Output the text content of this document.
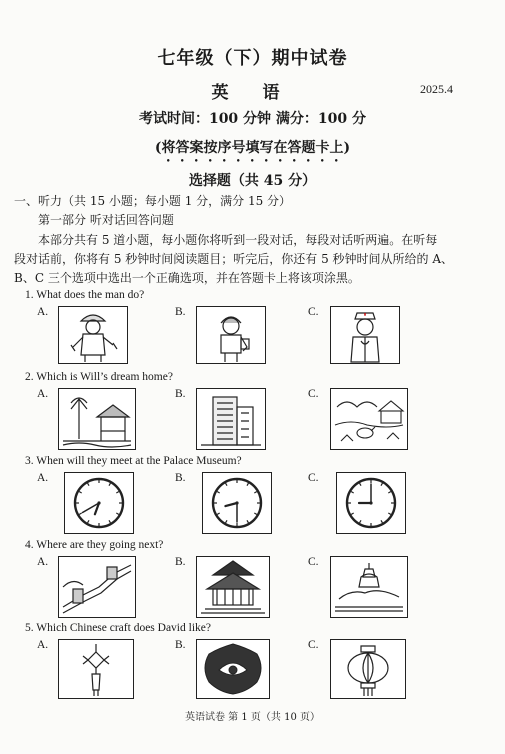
七年级（下）期中试卷
英 语	2025.4
考试时间：100 分钟 满分：100 分
(将答案按序号填写在答题卡上)
选择题（共 45 分）
一、听力（共 15 小题；每小题 1 分，满分 15 分）
第一部分 听对话回答问题
本部分共有 5 道小题，每小题你将听到一段对话，每段对话听两遍。在听每
段对话前，你将有 5 秒钟时间阅读题目；听完后，你还有 5 秒钟时间从所给的 A、
B、C 三个选项中选出一个正确选项，并在答题卡上将该项涂黑。
1. What does the man do?
A.	B.	C.
2. Which is Will’s dream home?
A.	B.	C.
3. When will they meet at the Palace Museum?
A.	B.	C.
4. Where are they going next?
A.	B.	C.
5. Which Chinese craft does David like?
A.	B.	C.
英语试卷 第 1 页（共 10 页）
